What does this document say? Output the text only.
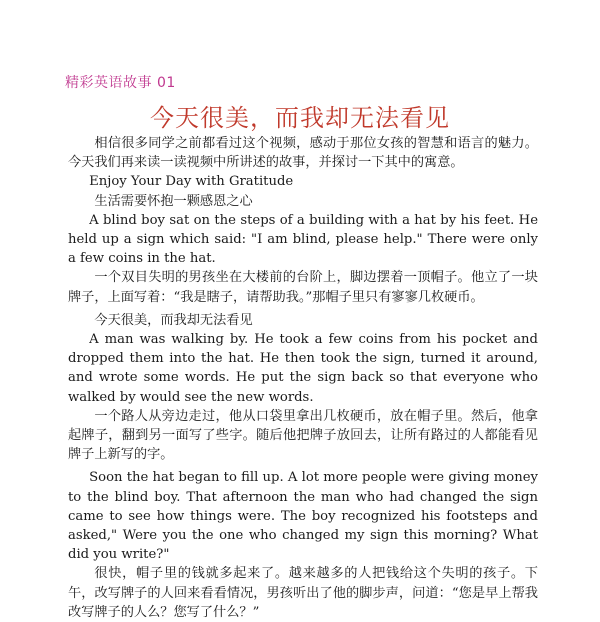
精彩英语故事 01
今天很美，而我却无法看见

相信很多同学之前都看过这个视频，感动于那位女孩的智慧和语言的魅力。今天我们再来读一读视频中所讲述的故事，并探讨一下其中的寓意。

Enjoy Your Day with Gratitude

生活需要怀抱一颗感恩之心

A blind boy sat on the steps of a building with a hat by his feet. He held up a sign which said: "I am blind, please help." There were only a few coins in the hat.

一个双目失明的男孩坐在大楼前的台阶上，脚边摆着一顶帽子。他立了一块牌子，上面写着：“我是瞎子，请帮助我。”那帽子里只有寥寥几枚硬币。

今天很美，而我却无法看见

A man was walking by. He took a few coins from his pocket and dropped them into the hat. He then took the sign, turned it around, and wrote some words. He put the sign back so that everyone who walked by would see the new words.

一个路人从旁边走过，他从口袋里拿出几枚硬币，放在帽子里。然后，他拿起牌子，翻到另一面写了些字。随后他把牌子放回去，让所有路过的人都能看见牌子上新写的字。

Soon the hat began to fill up. A lot more people were giving money to the blind boy. That afternoon the man who had changed the sign came to see how things were. The boy recognized his footsteps and asked," Were you the one who changed my sign this morning? What did you write?"

很快，帽子里的钱就多起来了。越来越多的人把钱给这个失明的孩子。下午，改写牌子的人回来看看情况，男孩听出了他的脚步声，问道：“您是早上帮我改写牌子的人么？您写了什么？”
